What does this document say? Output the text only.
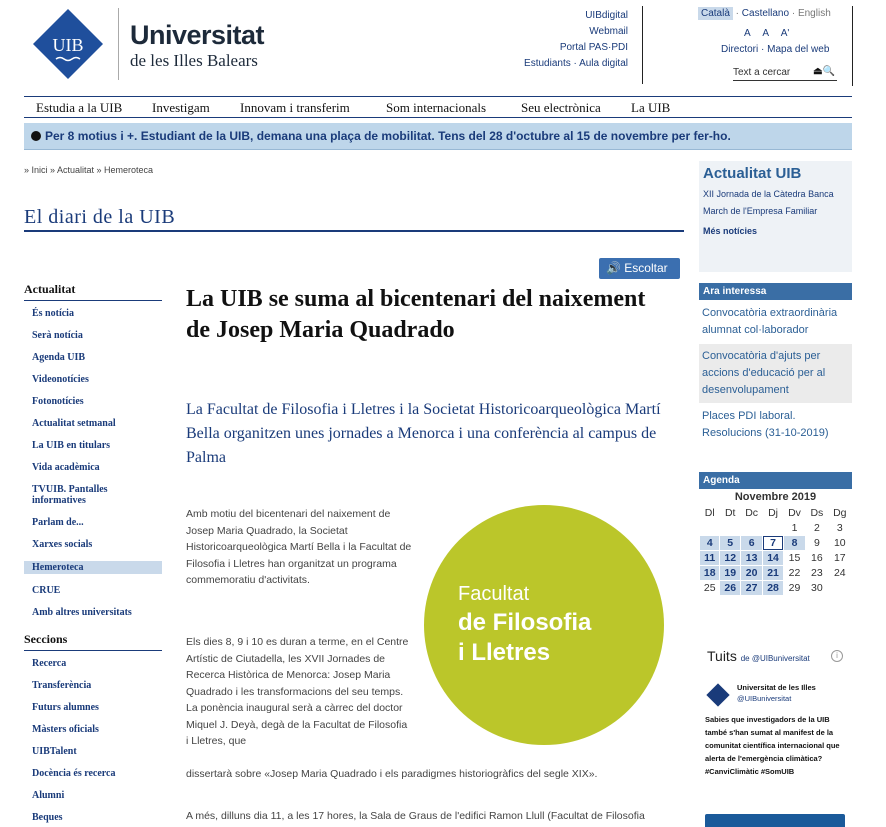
UIB Universitat
de les Illes Balears
UIBdigital
Webmail
Portal PAS·PDI
Estudiants · Aula digital
Català · Castellano · English
A A A'
Directori · Mapa del web
Text a cercar ⏏🔍
Estudia a la UIB Investigam Innovam i transferim	Som internacionals	Seu electrònica La UIB
Per 8 motius i +. Estudiant de la UIB, demana una plaça de mobilitat. Tens del 28 d'octubre al 15 de novembre per fer-ho.
» Inici » Actualitat » Hemeroteca
El diari de la UIB
🔊 Escoltar
Actualitat
És notícia
Serà notícia
Agenda UIB
Videonotícies
Fotonotícies
Actualitat setmanal
La UIB en titulars
Vida acadèmica
TVUIB. Pantalles informatives
Parlam de...
Xarxes socials
Hemeroteca
CRUE
Amb altres universitats
Seccions
Recerca
Transferència
Futurs alumnes
Màsters oficials
UIBTalent
Docència és recerca
Alumni
Beques
La UIB se suma al bicentenari del naixement de Josep Maria Quadrado
La Facultat de Filosofia i Lletres i la Societat Historicoarqueològica Martí Bella organitzen unes jornades a Menorca i una conferència al campus de Palma
Amb motiu del bicentenari del naixement de Josep Maria Quadrado, la Societat Historicoarqueològica Martí Bella i la Facultat de Filosofia i Lletres han organitzat un programa commemoratiu d'activitats.
Els dies 8, 9 i 10 es duran a terme, en el Centre Artístic de Ciutadella, les XVII Jornades de Recerca Històrica de Menorca: Josep Maria Quadrado i les transformacions del seu temps. La ponència inaugural serà a càrrec del doctor Miquel J. Deyà, degà de la Facultat de Filosofia i Lletres, que
dissertarà sobre «Josep Maria Quadrado i els paradigmes historiogràfics del segle XIX».
A més, dilluns dia 11, a les 17 hores, la Sala de Graus de l'edifici Ramon Llull (Facultat de Filosofia
Facultat
de Filosofia
i Lletres
Actualitat UIB
XII Jornada de la Càtedra Banca March de l'Empresa Familiar
Més notícies
Ara interessa
Convocatòria extraordinària alumnat col·laborador
Convocatòria d'ajuts per accions d'educació per al desenvolupament
Places PDI laboral. Resolucions (31-10-2019)
Agenda
Novembre 2019
Dl	Dt	Dc	Dj	Dv	Ds	Dg
				1	2	3
4	5	6	7	8	9	10
11	12	13	14	15	16	17
18	19	20	21	22	23	24
25	26	27	28	29	30	
Tuits de @UIBuniversitat	i
Universitat de les Illes
@UIBuniversitat
Sabies que investigadors de la UIB també s'han sumat al manifest de la comunitat científica internacional que alerta de l'emergència climàtica? #CanviClimàtic #SomUIB
